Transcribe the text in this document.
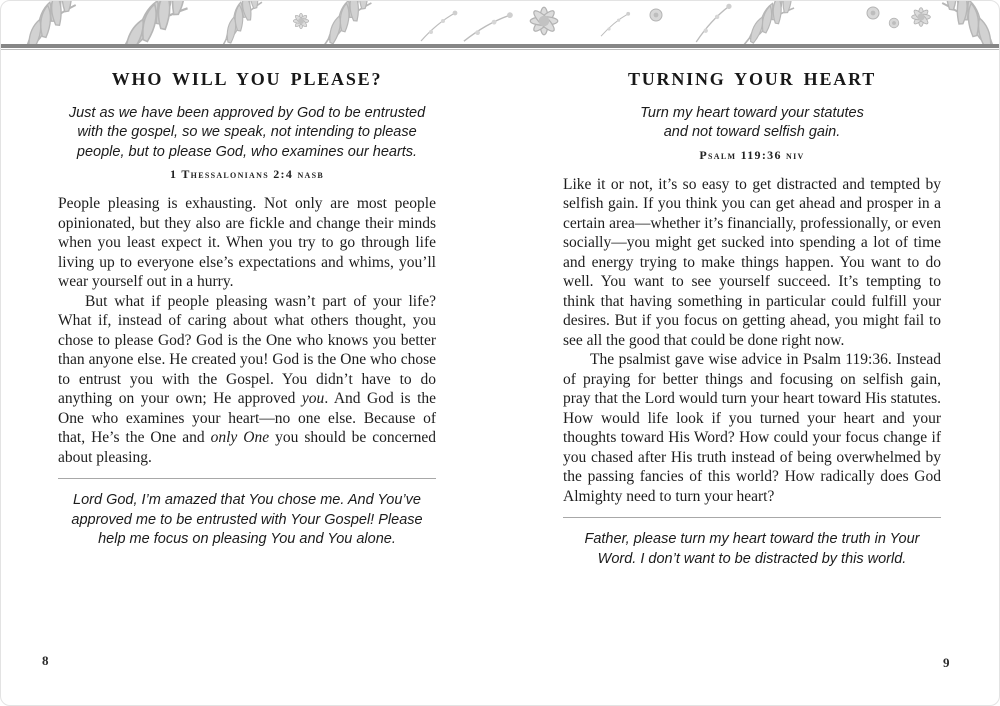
WHO WILL YOU PLEASE?
Just as we have been approved by God to be entrusted
with the gospel, so we speak, not intending to please
people, but to please God, who examines our hearts.
1 Thessalonians 2:4 nasb

People pleasing is exhausting. Not only are most people opinionated, but they also are fickle and change their minds when you least expect it. When you try to go through life living up to everyone else’s expectations and whims, you’ll wear yourself out in a hurry.

But what if people pleasing wasn’t part of your life? What if, instead of caring about what others thought, you chose to please God? God is the One who knows you better than anyone else. He created you! God is the One who chose to entrust you with the Gospel. You didn’t have to do anything on your own; He approved you. And God is the One who examines your heart—no one else. Because of that, He’s the One and only One you should be concerned about pleasing.

Lord God, I’m amazed that You chose me. And You’ve
approved me to be entrusted with Your Gospel! Please
help me focus on pleasing You and You alone.
8
TURNING YOUR HEART
Turn my heart toward your statutes
and not toward selfish gain.
Psalm 119:36 niv

Like it or not, it’s so easy to get distracted and tempted by selfish gain. If you think you can get ahead and prosper in a certain area—whether it’s financially, professionally, or even socially—you might get sucked into spending a lot of time and energy trying to make things happen. You want to do well. You want to see yourself succeed. It’s tempting to think that having something in particular could fulfill your desires. But if you focus on getting ahead, you might fail to see all the good that could be done right now.

The psalmist gave wise advice in Psalm 119:36. Instead of praying for better things and focusing on selfish gain, pray that the Lord would turn your heart toward His statutes. How would life look if you turned your heart and your thoughts toward His Word? How could your focus change if you chased after His truth instead of being overwhelmed by the passing fancies of this world? How radically does God Almighty need to turn your heart?

Father, please turn my heart toward the truth in Your
Word. I don’t want to be distracted by this world.
9
